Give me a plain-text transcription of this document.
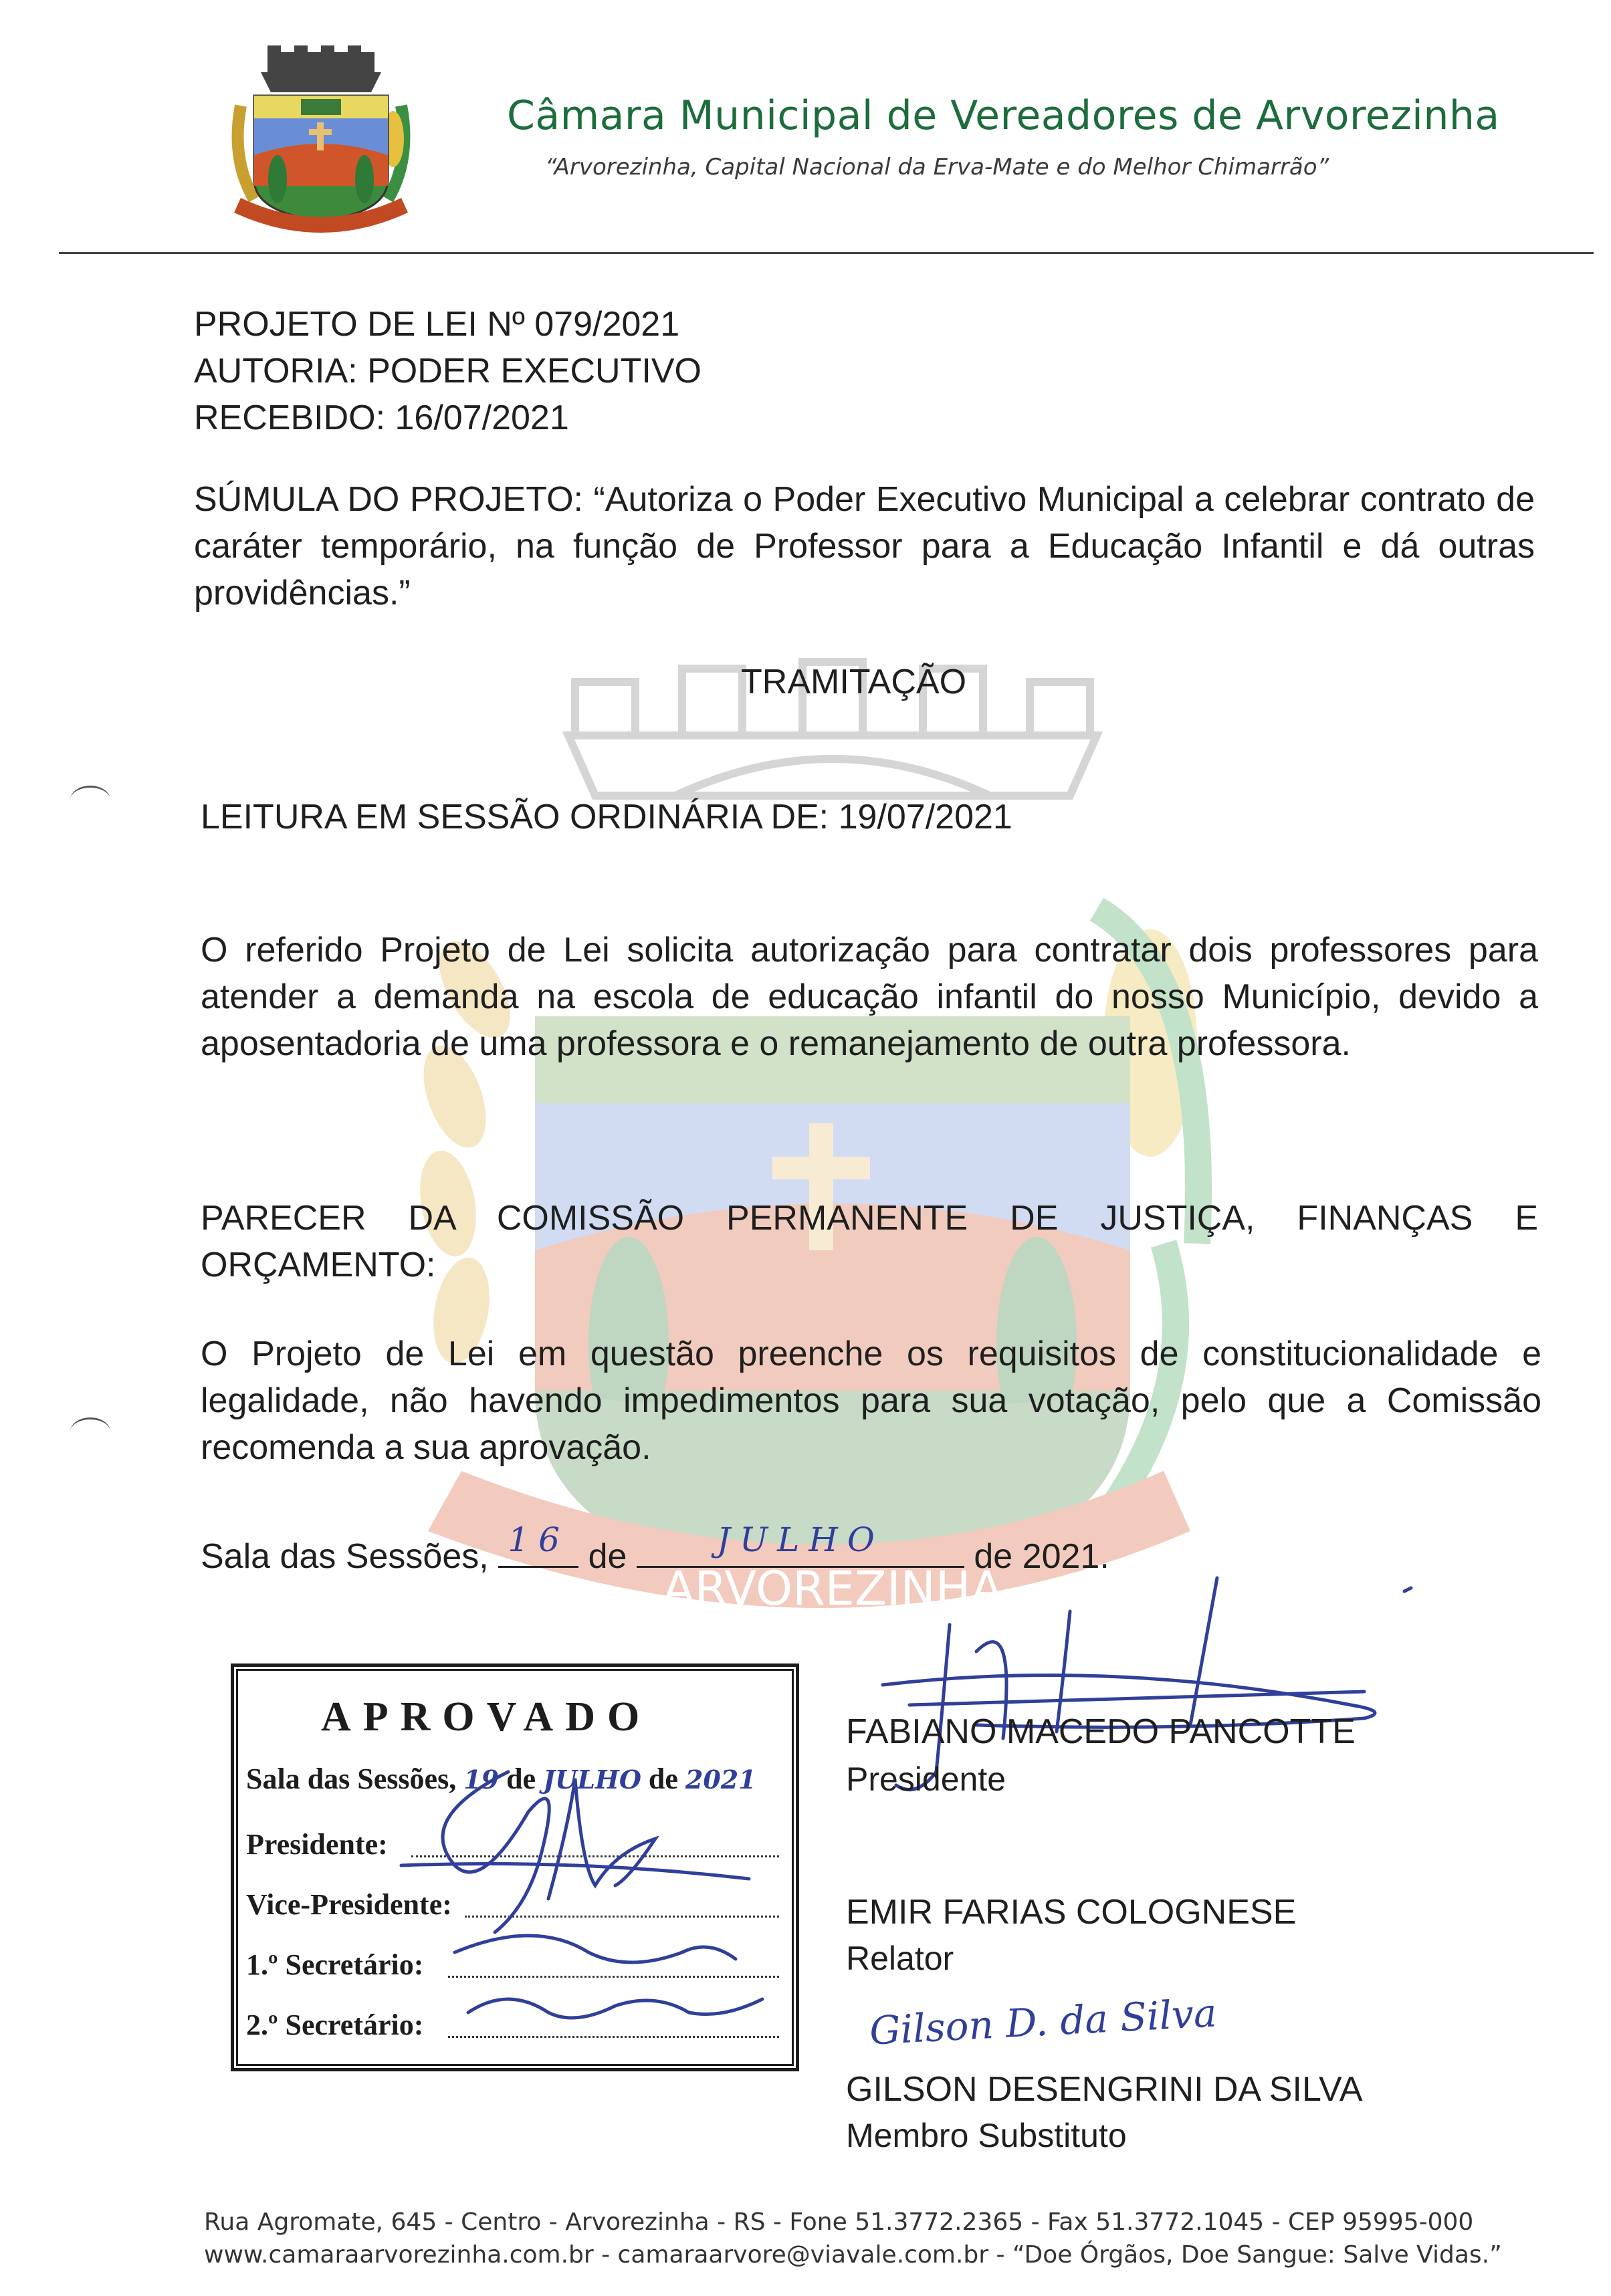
ARVOREZINHA
Câmara Municipal de Vereadores de Arvorezinha
“Arvorezinha, Capital Nacional da Erva-Mate e do Melhor Chimarrão”
PROJETO DE LEI Nº 079/2021
AUTORIA: PODER EXECUTIVO
RECEBIDO: 16/07/2021
SÚMULA DO PROJETO: “Autoriza o Poder Executivo Municipal a celebrar contrato de caráter temporário, na função de Professor para a Educação Infantil e dá outras providências.”
TRAMITAÇÃO
LEITURA EM SESSÃO ORDINÁRIA DE: 19/07/2021
O referido Projeto de Lei solicita autorização para contratar dois professores para atender a demanda na escola de educação infantil do nosso Município, devido a aposentadoria de uma professora e o remanejamento de outra professora.
PARECER DA COMISSÃO PERMANENTE DE JUSTIÇA, FINANÇAS E ORÇAMENTO:
O Projeto de Lei em questão preenche os requisitos de constitucionalidade e legalidade, não havendo impedimentos para sua votação, pelo que a Comissão recomenda a sua aprovação.
Sala das Sessões, 16 de	JULHO	de 2021.
APROVADO
Sala das Sessões, 19 de JULHO de 2021
Presidente:
Vice-Presidente:
1.º Secretário:
2.º Secretário:
FABIANO MACEDO PANCOTTE
Presidente
EMIR FARIAS COLOGNESE
Relator
Gilson D. da Silva
GILSON DESENGRINI DA SILVA
Membro Substituto
Rua Agromate, 645 - Centro - Arvorezinha - RS - Fone 51.3772.2365 - Fax 51.3772.1045 - CEP 95995-000
www.camaraarvorezinha.com.br - camaraarvore@viavale.com.br - “Doe Órgãos, Doe Sangue: Salve Vidas.”
